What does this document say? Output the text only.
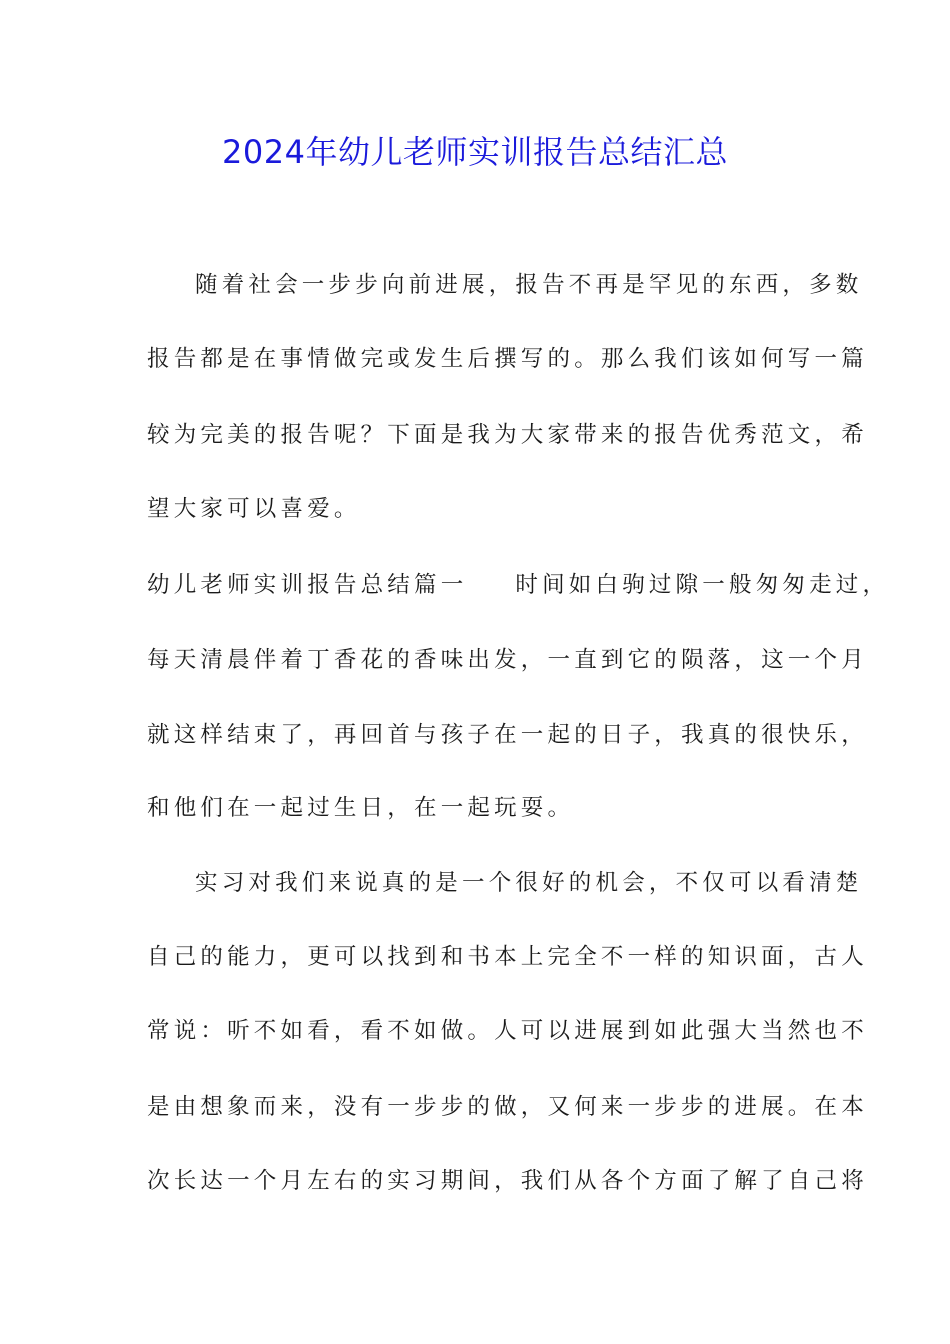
2024年幼儿老师实训报告总结汇总
随着社会一步步向前进展，报告不再是罕见的东西，多数
报告都是在事情做完或发生后撰写的。那么我们该如何写一篇
较为完美的报告呢？下面是我为大家带来的报告优秀范文，希
望大家可以喜爱。
幼儿老师实训报告总结篇一 时间如白驹过隙一般匆匆走过，
每天清晨伴着丁香花的香味出发，一直到它的陨落，这一个月
就这样结束了，再回首与孩子在一起的日子，我真的很快乐，
和他们在一起过生日，在一起玩耍。
实习对我们来说真的是一个很好的机会，不仅可以看清楚
自己的能力，更可以找到和书本上完全不一样的知识面，古人
常说：听不如看，看不如做。人可以进展到如此强大当然也不
是由想象而来，没有一步步的做，又何来一步步的进展。在本
次长达一个月左右的实习期间，我们从各个方面了解了自己将
